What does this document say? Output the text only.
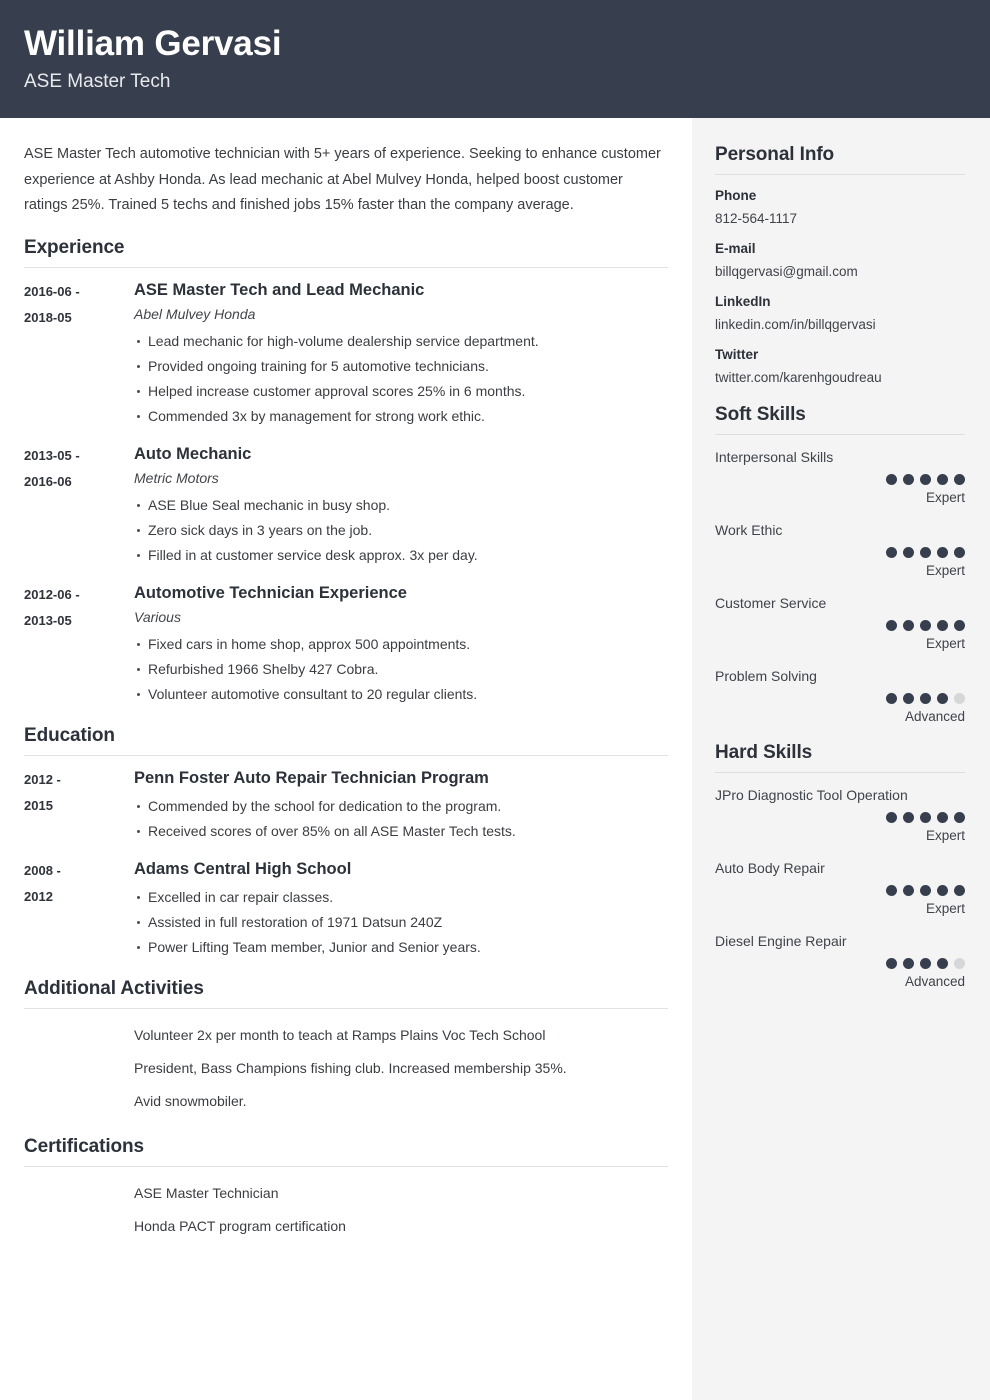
William Gervasi

ASE Master Tech

ASE Master Tech automotive technician with 5+ years of experience. Seeking to enhance customer experience at Ashby Honda. As lead mechanic at Abel Mulvey Honda, helped boost customer ratings 25%. Trained 5 techs and finished jobs 15% faster than the company average.

Experience
2016-06 -
2018-05
ASE Master Tech and Lead Mechanic

Abel Mulvey Honda

Lead mechanic for high-volume dealership service department.
Provided ongoing training for 5 automotive technicians.
Helped increase customer approval scores 25% in 6 months.
Commended 3x by management for strong work ethic.
2013-05 -
2016-06
Auto Mechanic

Metric Motors

ASE Blue Seal mechanic in busy shop.
Zero sick days in 3 years on the job.
Filled in at customer service desk approx. 3x per day.
2012-06 -
2013-05
Automotive Technician Experience

Various

Fixed cars in home shop, approx 500 appointments.
Refurbished 1966 Shelby 427 Cobra.
Volunteer automotive consultant to 20 regular clients.
Education
2012 -
2015
Penn Foster Auto Repair Technician Program
Commended by the school for dedication to the program.
Received scores of over 85% on all ASE Master Tech tests.
2008 -
2012
Adams Central High School
Excelled in car repair classes.
Assisted in full restoration of 1971 Datsun 240Z
Power Lifting Team member, Junior and Senior years.
Additional Activities
Volunteer 2x per month to teach at Ramps Plains Voc Tech School
President, Bass Champions fishing club. Increased membership 35%.
Avid snowmobiler.
Certifications
ASE Master Technician
Honda PACT program certification
Personal Info

Phone

812-564-1117

E-mail

billqgervasi@gmail.com

LinkedIn

linkedin.com/in/billqgervasi

Twitter

twitter.com/karenhgoudreau

Soft Skills

Interpersonal Skills

Expert

Work Ethic

Expert

Customer Service

Expert

Problem Solving

Advanced

Hard Skills

JPro Diagnostic Tool Operation

Expert

Auto Body Repair

Expert

Diesel Engine Repair

Advanced
